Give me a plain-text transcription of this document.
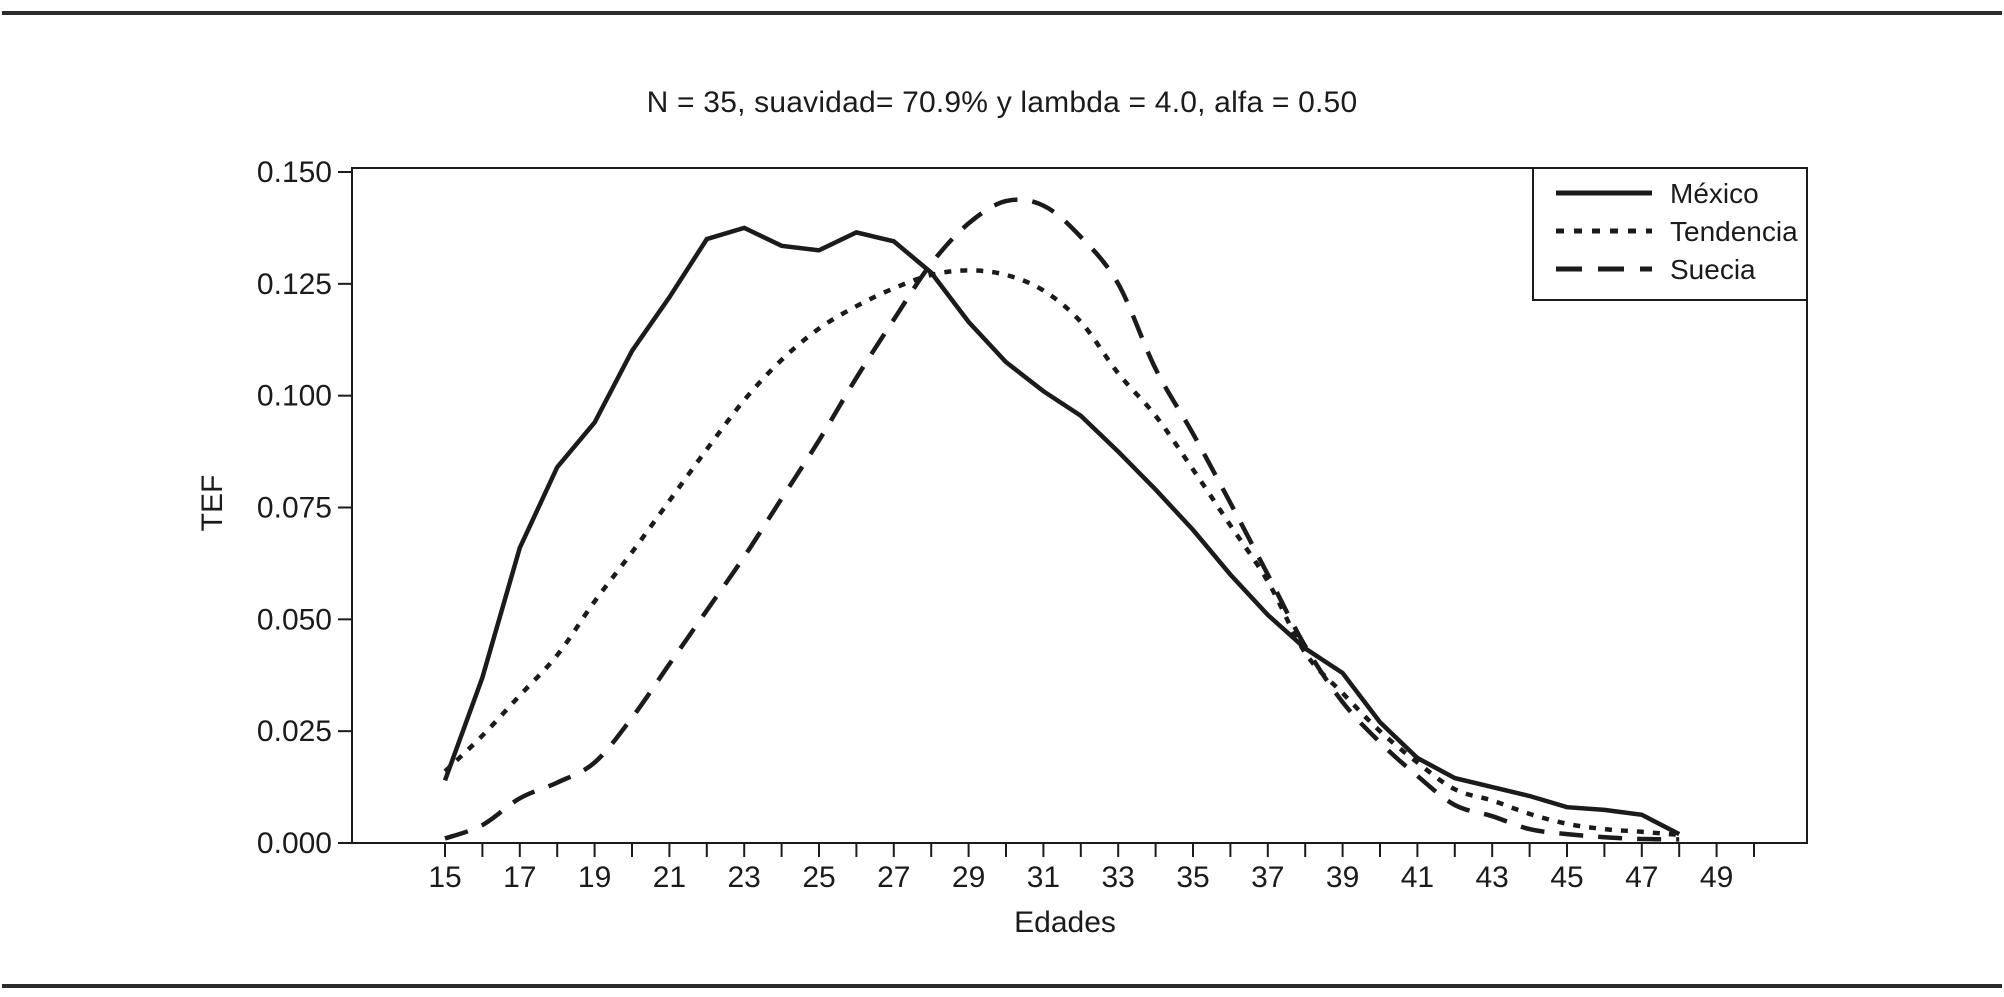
N = 35, suavidad= 70.9% y lambda = 4.0, alfa = 0.50
15 17 19 21 23 25 27 29 31 33 35 37 39 41 43 45 47 49
0.000
0.025
0.050
0.075
0.100
0.125
0.150
Edades
TEF
México
Tendencia
Suecia
